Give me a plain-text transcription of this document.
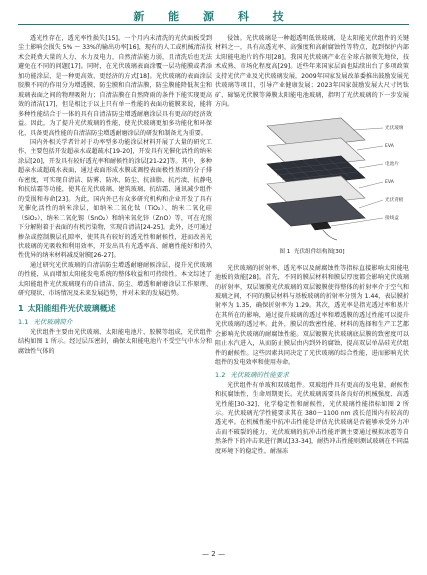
新 能 源 科 技

透光性存在，透光率性损失[15]。一个月内未清洗的光伏面板受到尘土影响会损失 5% ～ 33%的输出功率[16]，现有的人工或机械清洁技术会耗费大量的人力、水力及电力，自然清洁能力弱，且清洗后也无法避免在不同的问题[17]。同时，在光伏玻璃表面涂覆一层功能膜或者添加功能涂层，是一种更高效、更经济的方式[18]。光伏玻璃的表面涂层胶膜不同的作用分为增透膜、防尘膜和自清洁膜，防尘膜能降低灰尘和玻璃表面之间的物理吸附力；自清洁膜在自然降雨的条件下能实现更高效的清洁[17]，但是相比于以上只有单一性能的表面功能膜来说，能将多种性能结合于一体的具有自清洁防尘增透耐磨涂层具有更高的经济效益。因此，为了提升光伏玻璃的性能，使光伏玻璃更加多功能化和环保化，具备更高性能的自清洁防尘增透耐磨涂层的研发和制备尤为重要。

国内外相关学者针对于功率型多功能涂层材料开展了大量的研究工作，主要包括开发超亲水或超疏水[19-20]，开发具有光催化活性的纳米涂层[20]，开发具有较好透光率和耐候性的涂层[21-22]等。其中，多种超亲水或超疏水表面，通过表面形成水膜或调控表面极性基团的分子排布密度，可实现自清洁、防雾、防冰、防尘、抗油脂、抗污渍、抗静电和抗结霜等功能，使其在光伏玻璃、建筑玻璃、抗结霜、通讯减少组件的受损和寿命[23]。为此，国内外已有众多研究机构和企业开发了具有光催化活性的纳米涂层，如纳米二氧化钛（TiO₂）、纳米二氧化硅（SiO₂）、纳米二氧化锡（SnO₂）和纳米氧化锌（ZnO）等，可在光照下分解附着于表面的有机污染物，实现自清洁[24-25]。此外，还可通过掺杂或控制膜层孔隙率，使其具有较好的透光性和耐候性，进而改善光伏玻璃的光吸收和利用效率，开发出具有光透率高、耐磨性能好和持久性优异的纳米材料减反射膜[26-27]。

通过研究光伏玻璃的自清洁防尘增透耐磨耐候涂层，提升光伏玻璃的性能，从而增加太阳能发电系统的整体收益和可持续性。本文综述了太阳能组件光伏玻璃现有的自清洁、防尘、增透和耐磨涂层工作原理、研究现状、市场情况及未来发展趋势，并对未来的发展趋势。

1 太阳能组件光伏玻璃概述
1.1 光伏玻璃简介

光伏组件主要由光伏玻璃、太阳能电池片、胶膜等组成，光伏组件结构如图 1 所示。经过层压密封，确保太阳能电池片不受空气中水分和腐蚀性气体的

侵蚀。光伏玻璃是一种超透明低铁玻璃，是太阳能光伏组件的关键材料之一，具有高透光率、高强度和高耐腐蚀性等特点，起到保护内部太阳能电池片的作用[28]。我国光伏玻璃产业在全球占据领先地位，技术成熟、市场化程度高[29]。近些年来国家层面也陆续出台了多项政策支持光伏产业及光伏玻璃发展，2009年国家发展改革委推出鼓励发展光伏玻璃等项目，引导产业健康发展；2023年国家鼓励发展大尺寸钙钛矿、碲镉光伏膜等薄膜太阳能电池玻璃，指明了光伏玻璃的下一步发展方向。

光伏玻璃
EVA
电池片
EVA
光伏背板
接线盒
图 1 光伏组件结构图[30]

光伏玻璃的折射率、透光率以及耐腐蚀性等指标直接影响太阳能电池板的效能[28]。首先，不同的膜层材料和膜层厚度都会影响光伏玻璃的折射率，双层镀膜光伏玻璃的双层镀膜使得整体的折射率介于空气和玻璃之间，不同的膜层材料与基板玻璃的折射率分别为 1.44，表层膜折射率为 1.35，确保折射率为 1.29。其次，透光率是指光透过率和基片在其所在的影响，通过提升玻璃的透过率和增透膜的透过性能可以提升光伏玻璃的透过率。此外，膜层的致密性能、材料的选择和生产工艺都会影响光伏玻璃的耐腐蚀性能。双层镀膜光伏玻璃底层膜的致密度可以阻止水汽进入，从而防止膜层由内到外的腐蚀，提高双层单晶硅光伏组件的耐候性。这些因素共同决定了光伏玻璃的综合性能，进而影响光伏组件的发电效率和使用寿命。

1.2 光伏玻璃的性能要求

光伏组件有单玻和双玻组件。双玻组件具有更高的发电量，耐候性和抗腐蚀性，生命周期更长。光伏玻璃需要具备良好的机械强度、高透光性能[30-32]、化学稳定性和耐候性，光伏玻璃性能指标如图 2 所示。光伏玻璃光学性能要求其在 380～1100 nm 波长范围内有较高的透光率。在机械性能中抗冲击性能是评估光伏玻璃是否能够承受外力冲击而不破裂的能力，光伏玻璃的抗冲击性能评测主要通过模拟冰雹等自然条件下的冲击来进行测试[33-34]，耐热冲击性能则测试玻璃在不同温度环境下的稳定性。耐湿冻

— 2 —
